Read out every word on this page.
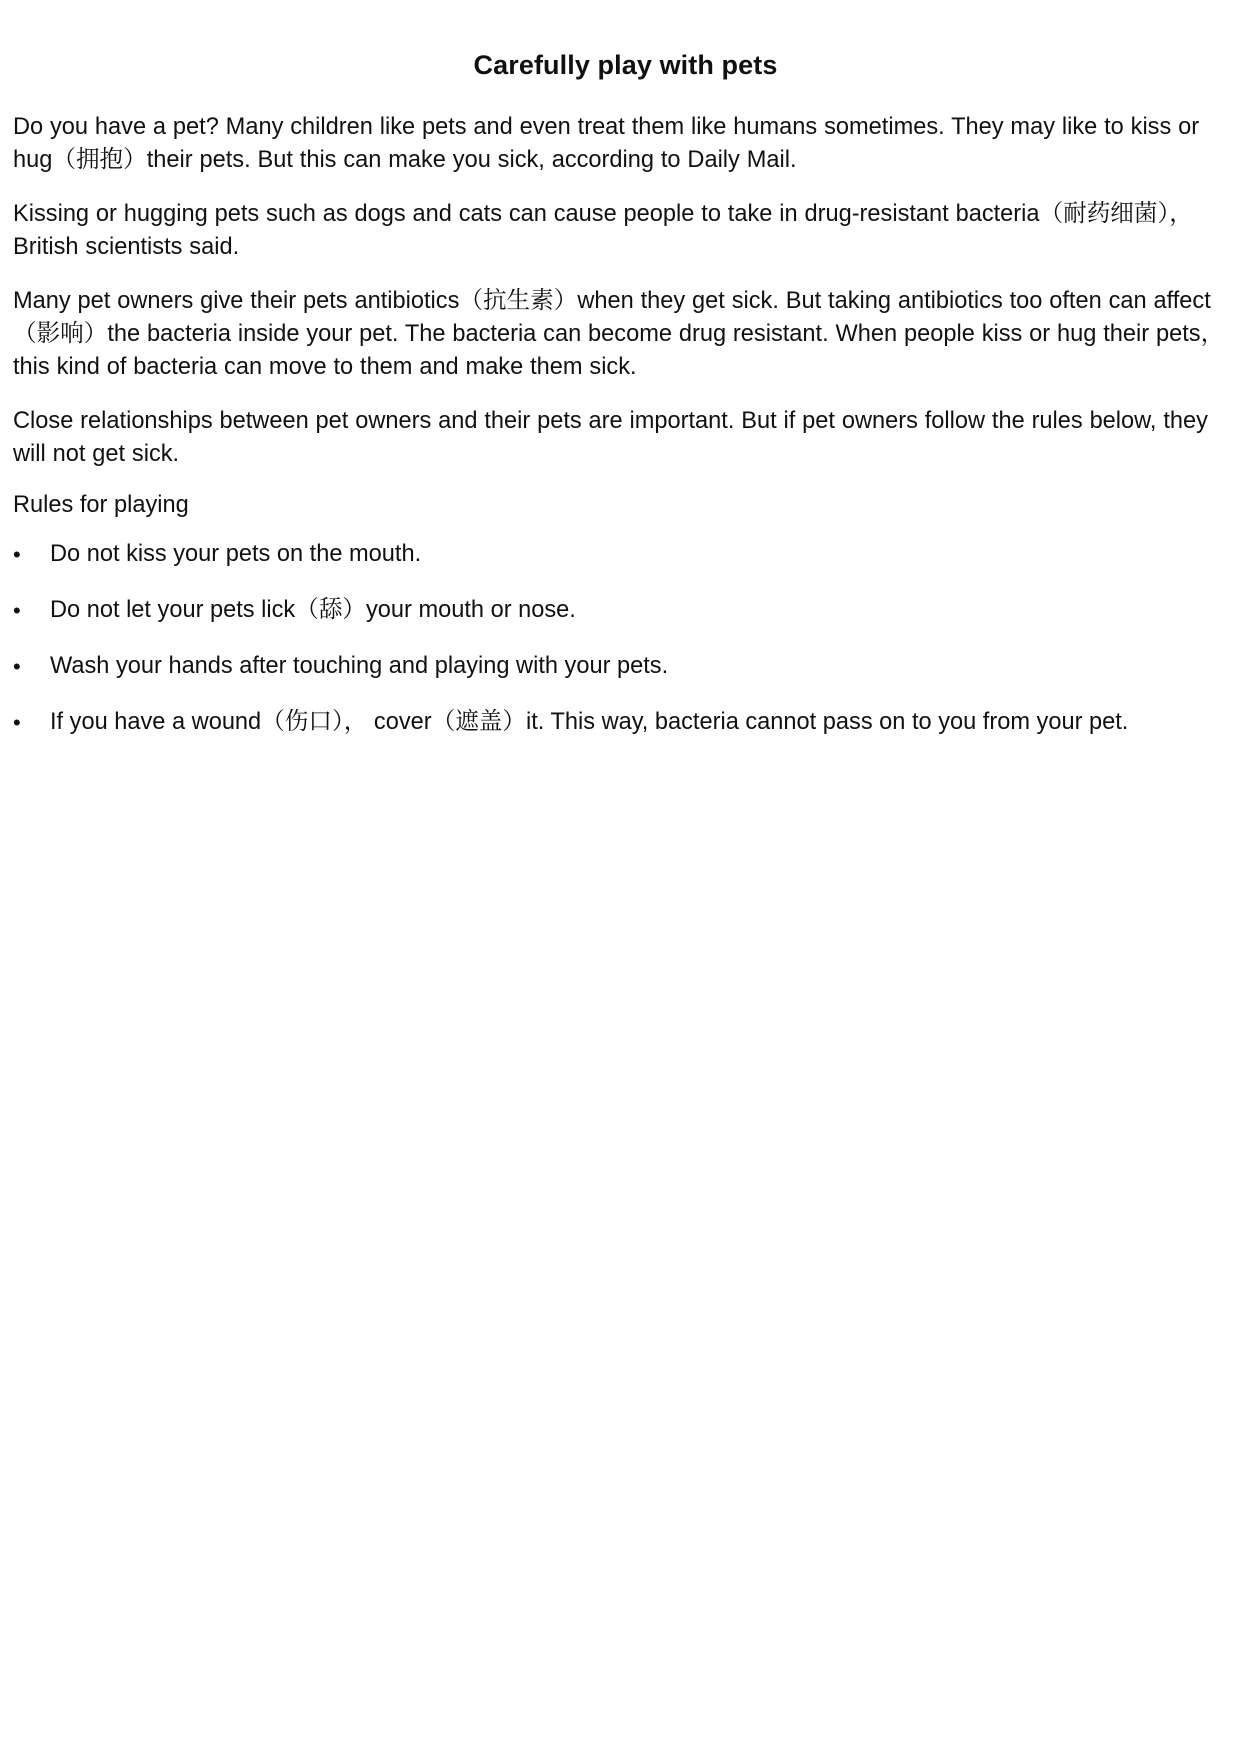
Carefully play with pets

Do you have a pet? Many children like pets and even treat them like humans sometimes. They may like to kiss or hug（拥抱）their pets. But this can make you sick, according to Daily Mail.

Kissing or hugging pets such as dogs and cats can cause people to take in drug-resistant bacteria（耐药细菌）， British scientists said.

Many pet owners give their pets antibiotics（抗生素）when they get sick. But taking antibiotics too often can affect（影响）the bacteria inside your pet. The bacteria can become drug resistant. When people kiss or hug their pets， this kind of bacteria can move to them and make them sick.

Close relationships between pet owners and their pets are important. But if pet owners follow the rules below, they will not get sick.

Rules for playing
•	Do not kiss your pets on the mouth.
•	Do not let your pets lick（舔）your mouth or nose.
•	Wash your hands after touching and playing with your pets.
•	If you have a wound（伤口）， cover（遮盖）it. This way, bacteria cannot pass on to you from your pet.
